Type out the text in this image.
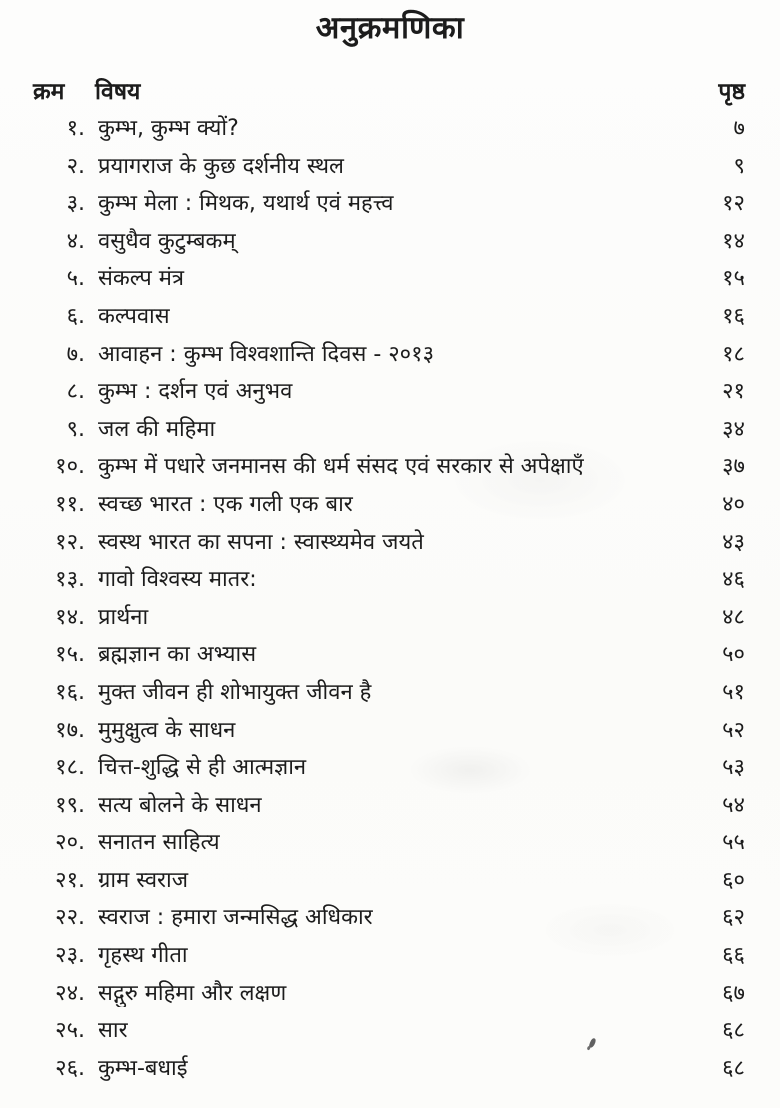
अनुक्रमणिका
क्रम	विषय	पृष्ठ
१. कुम्भ, कुम्भ क्यों?	७
२. प्रयागराज के कुछ दर्शनीय स्थल	९
३. कुम्भ मेला : मिथक, यथार्थ एवं महत्त्व	१२
४. वसुधैव कुटुम्बकम्	१४
५. संकल्प मंत्र	१५
६. कल्पवास	१६
७. आवाहन : कुम्भ विश्वशान्ति दिवस - २०१३	१८
८. कुम्भ : दर्शन एवं अनुभव	२१
९. जल की महिमा	३४
१०. कुम्भ में पधारे जनमानस की धर्म संसद एवं सरकार से अपेक्षाएँ	३७
११. स्वच्छ भारत : एक गली एक बार	४०
१२. स्वस्थ भारत का सपना : स्वास्थ्यमेव जयते	४३
१३. गावो विश्वस्य मातर:	४६
१४. प्रार्थना	४८
१५. ब्रह्मज्ञान का अभ्यास	५०
१६. मुक्त जीवन ही शोभायुक्त जीवन है	५१
१७. मुमुक्षुत्व के साधन	५२
१८. चित्त-शुद्धि से ही आत्मज्ञान	५३
१९. सत्य बोलने के साधन	५४
२०. सनातन साहित्य	५५
२१. ग्राम स्वराज	६०
२२. स्वराज : हमारा जन्मसिद्ध अधिकार	६२
२३. गृहस्थ गीता	६६
२४. सद्गुरु महिमा और लक्षण	६७
२५. सार	६८
२६. कुम्भ-बधाई	६८
